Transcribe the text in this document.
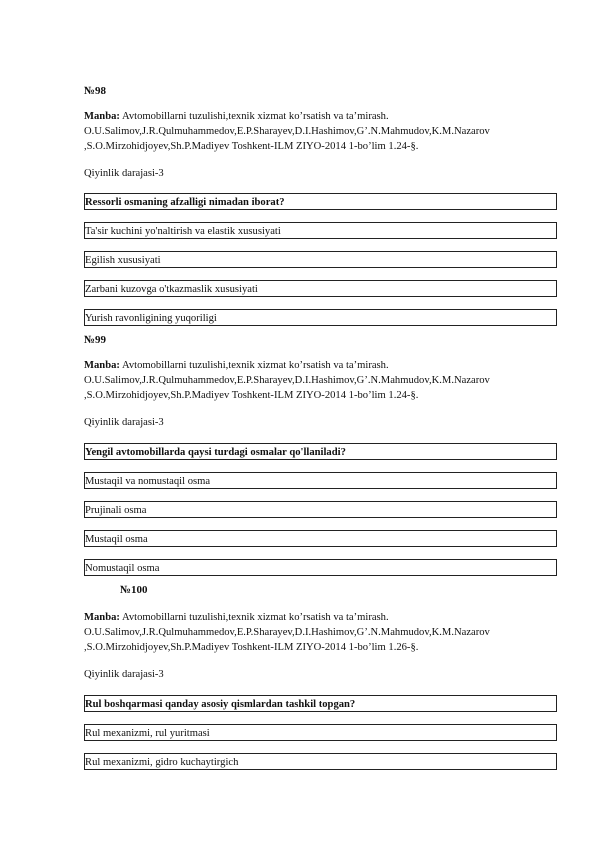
№98

Manba: Avtomobillarni tuzulishi,texnik xizmat ko’rsatish va ta’mirash.

O.U.Salimov,J.R.Qulmuhammedov,E.P.Sharayev,D.I.Hashimov,G’.N.Mahmudov,K.M.Nazarov

,S.O.Mirzohidjoyev,Sh.P.Madiyev Toshkent-ILM ZIYO-2014 1-bo’lim 1.24-§.

Qiyinlik darajasi-3
Ressorli osmaning afzalligi nimadan iborat?

Ta'sir kuchini yo'naltirish va elastik xususiyati

Egilish xususiyati

Zarbani kuzovga o'tkazmaslik xususiyati

Yurish ravonligining yuqoriligi
№99

Manba: Avtomobillarni tuzulishi,texnik xizmat ko’rsatish va ta’mirash.

O.U.Salimov,J.R.Qulmuhammedov,E.P.Sharayev,D.I.Hashimov,G’.N.Mahmudov,K.M.Nazarov

,S.O.Mirzohidjoyev,Sh.P.Madiyev Toshkent-ILM ZIYO-2014 1-bo’lim 1.24-§.

Qiyinlik darajasi-3
Yengil avtomobillarda qaysi turdagi osmalar qo'llaniladi?

Mustaqil va nomustaqil osma

Prujinali osma

Mustaqil osma

Nomustaqil osma
№100

Manba: Avtomobillarni tuzulishi,texnik xizmat ko’rsatish va ta’mirash.

O.U.Salimov,J.R.Qulmuhammedov,E.P.Sharayev,D.I.Hashimov,G’.N.Mahmudov,K.M.Nazarov

,S.O.Mirzohidjoyev,Sh.P.Madiyev Toshkent-ILM ZIYO-2014 1-bo’lim 1.26-§.

Qiyinlik darajasi-3
Rul boshqarmasi qanday asosiy qismlardan tashkil topgan?

Rul mexanizmi, rul yuritmasi

Rul mexanizmi, gidro kuchaytirgich
